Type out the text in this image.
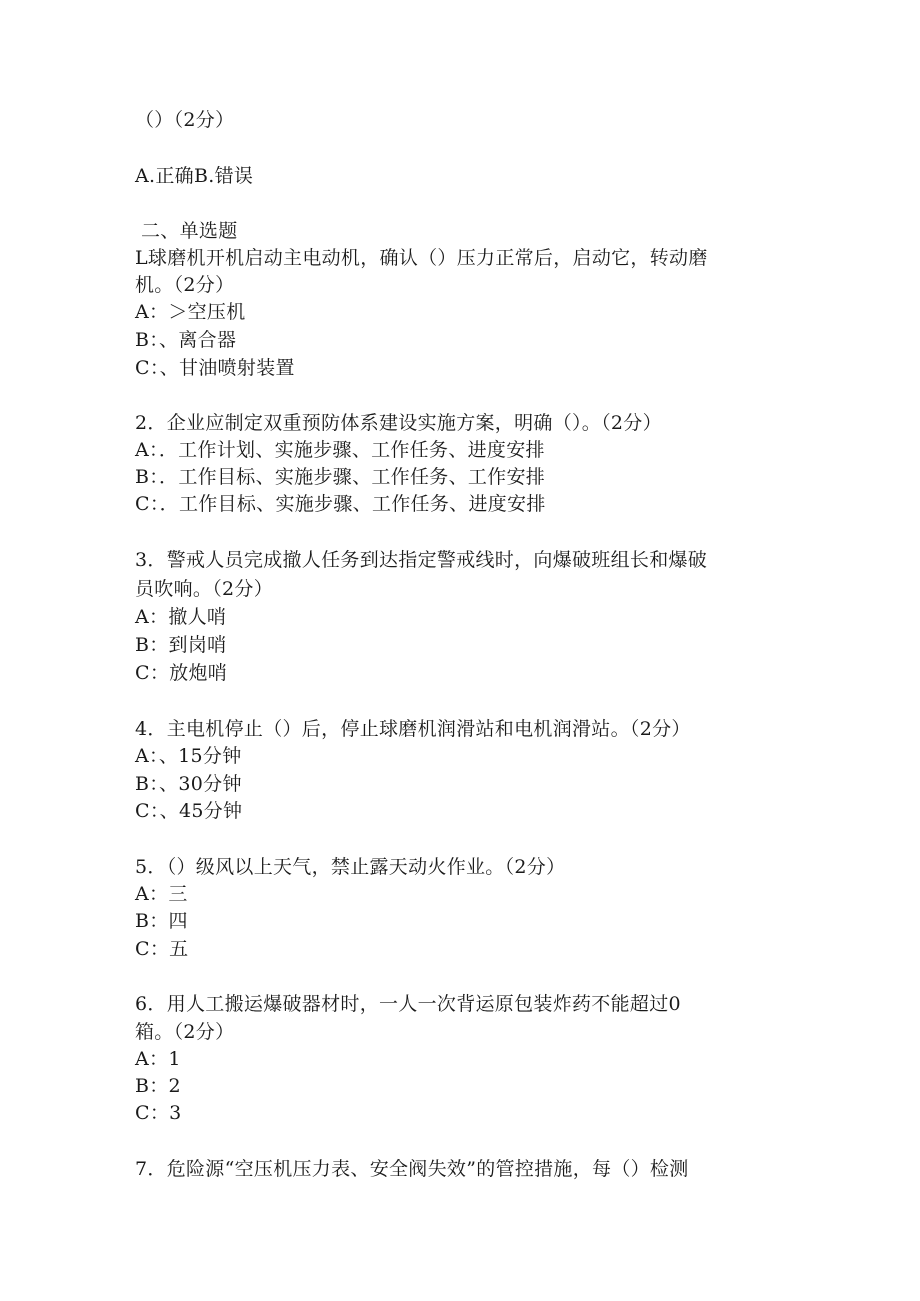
（）（2分）
A.正确B.错误
二、单选题
L球磨机开机启动主电动机，确认（）压力正常后，启动它，转动磨
机。（2分）
A：＞空压机
B：、离合器
C：、甘油喷射装置
2．企业应制定双重预防体系建设实施方案，明确（）。（2分）
A：．工作计划、实施步骤、工作任务、进度安排
B：．工作目标、实施步骤、工作任务、工作安排
C：．工作目标、实施步骤、工作任务、进度安排
3．警戒人员完成撤人任务到达指定警戒线时，向爆破班组长和爆破
员吹响。（2分）
A：撤人哨
B：到岗哨
C：放炮哨
4．主电机停止（）后，停止球磨机润滑站和电机润滑站。（2分）
A：、15分钟
B：、30分钟
C：、45分钟
5．（）级风以上天气，禁止露天动火作业。（2分）
A：三
B：四
C：五
6．用人工搬运爆破器材时，一人一次背运原包装炸药不能超过0
箱。（2分）
A：1
B：2
C：3
7．危险源“空压机压力表、安全阀失效”的管控措施，每（）检测
